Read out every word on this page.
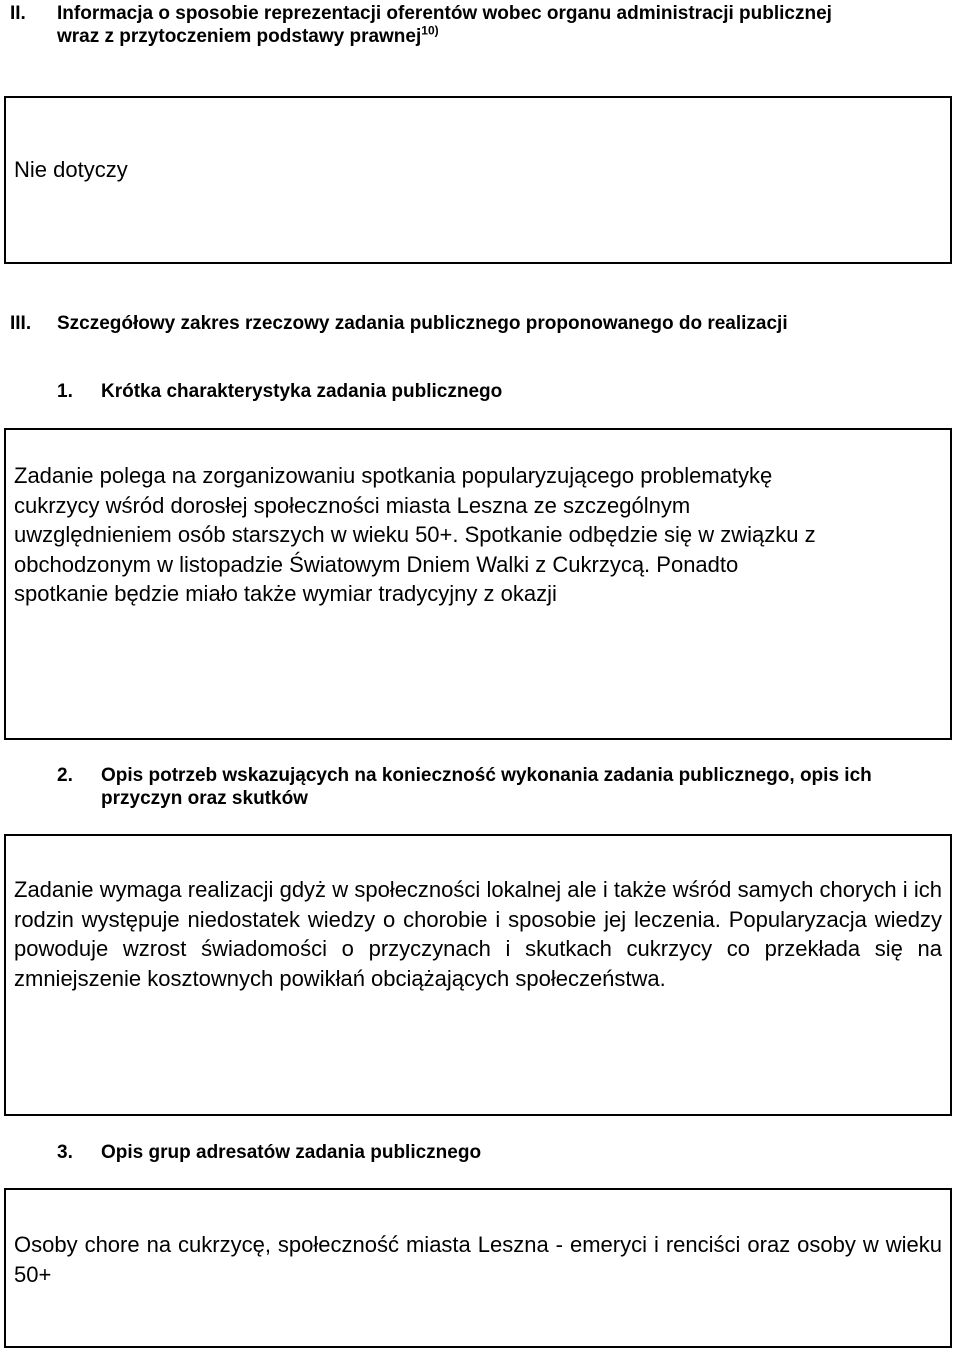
II. Informacja o sposobie reprezentacji oferentów wobec organu administracji publicznej
wraz z przytoczeniem podstawy prawnej$^{10)}$
Nie dotyczy
III. Szczegółowy zakres rzeczowy zadania publicznego proponowanego do realizacji
1. Krótka charakterystyka zadania publicznego
Zadanie polega na zorganizowaniu spotkania popularyzującego problematykę
cukrzycy wśród dorosłej społeczności miasta Leszna ze szczególnym
uwzględnieniem osób starszych w wieku 50+. Spotkanie odbędzie się w związku z
obchodzonym w listopadzie Światowym Dniem Walki z Cukrzycą. Ponadto
spotkanie będzie miało także wymiar tradycyjny z okazji
2. Opis potrzeb wskazujących na konieczność wykonania zadania publicznego, opis ich
przyczyn oraz skutków
Zadanie wymaga realizacji gdyż w społeczności lokalnej ale i także wśród samych chorych i ich rodzin występuje niedostatek wiedzy o chorobie i sposobie jej leczenia. Popularyzacja wiedzy powoduje wzrost świadomości o przyczynach i skutkach cukrzycy co przekłada się na zmniejszenie kosztownych powikłań obciążających społeczeństwa.
3. Opis grup adresatów zadania publicznego
Osoby chore na cukrzycę, społeczność miasta Leszna - emeryci i renciści oraz osoby w wieku 50+
